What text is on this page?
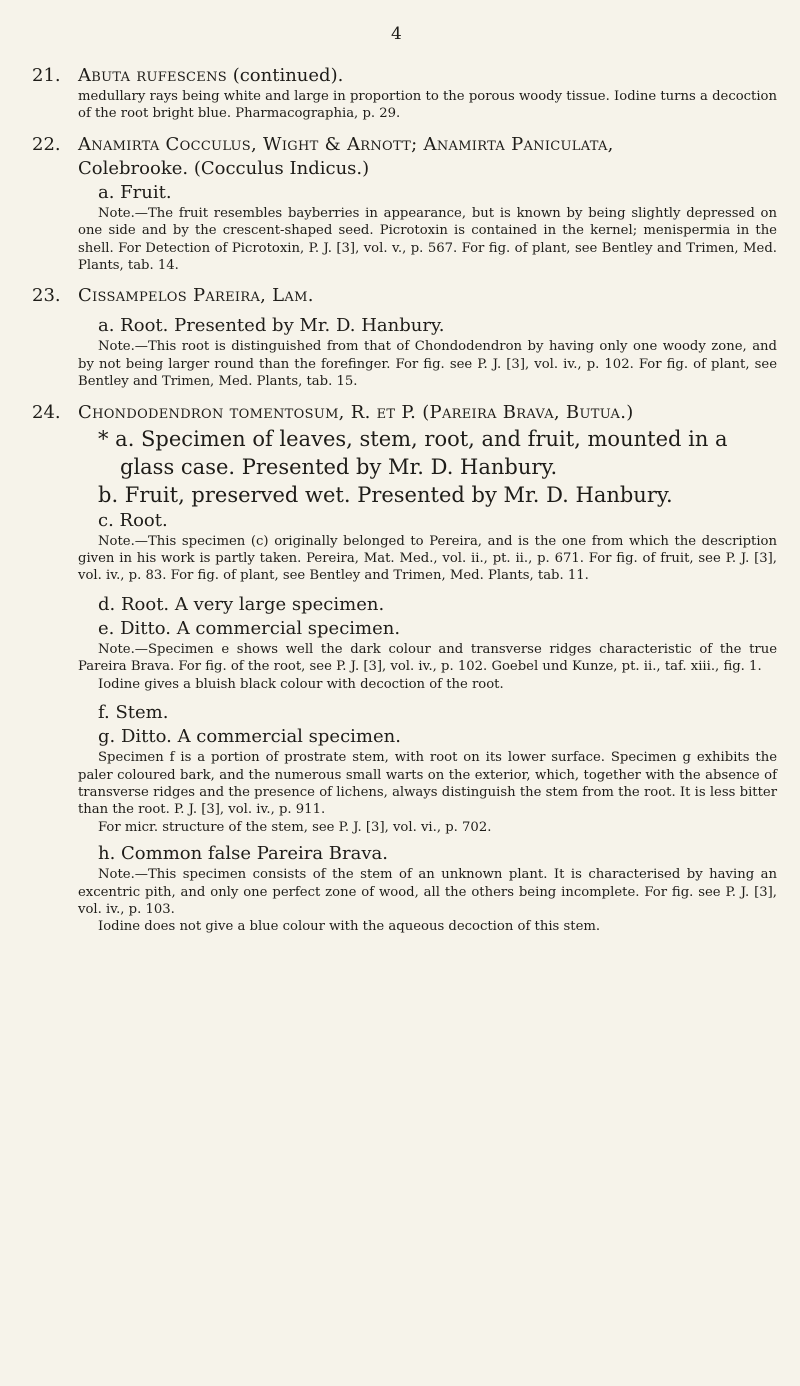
4
21. Abuta rufescens (continued).
medullary rays being white and large in proportion to the porous woody tissue. Iodine turns a decoction of the root bright blue. Pharmacographia, p. 29.
22. Anamirta Cocculus, Wight & Arnott; Anamirta Paniculata,
Colebrooke. (Cocculus Indicus.)
a. Fruit.
Note.—The fruit resembles bayberries in appearance, but is known by being slightly depressed on one side and by the crescent-shaped seed. Picrotoxin is contained in the kernel; menispermia in the shell. For Detection of Picrotoxin, P. J. [3], vol. v., p. 567. For fig. of plant, see Bentley and Trimen, Med. Plants, tab. 14.
23. Cissampelos Pareira, Lam.
a. Root. Presented by Mr. D. Hanbury.
Note.—This root is distinguished from that of Chondodendron by having only one woody zone, and by not being larger round than the forefinger. For fig. see P. J. [3], vol. iv., p. 102. For fig. of plant, see Bentley and Trimen, Med. Plants, tab. 15.
24. Chondodendron tomentosum, R. et P. (Pareira Brava, Butua.)
* a. Specimen of leaves, stem, root, and fruit, mounted in a
glass case. Presented by Mr. D. Hanbury.
b. Fruit, preserved wet. Presented by Mr. D. Hanbury.
c. Root.
Note.—This specimen (c) originally belonged to Pereira, and is the one from which the description given in his work is partly taken. Pereira, Mat. Med., vol. ii., pt. ii., p. 671. For fig. of fruit, see P. J. [3], vol. iv., p. 83. For fig. of plant, see Bentley and Trimen, Med. Plants, tab. 11.
d. Root. A very large specimen.
e. Ditto. A commercial specimen.
Note.—Specimen e shows well the dark colour and transverse ridges characteristic of the true Pareira Brava. For fig. of the root, see P. J. [3], vol. iv., p. 102. Goebel und Kunze, pt. ii., taf. xiii., fig. 1.
Iodine gives a bluish black colour with decoction of the root.
f. Stem.
g. Ditto. A commercial specimen.
Specimen f is a portion of prostrate stem, with root on its lower surface. Specimen g exhibits the paler coloured bark, and the numerous small warts on the exterior, which, together with the absence of transverse ridges and the presence of lichens, always distinguish the stem from the root. It is less bitter than the root. P. J. [3], vol. iv., p. 911.
For micr. structure of the stem, see P. J. [3], vol. vi., p. 702.
h. Common false Pareira Brava.
Note.—This specimen consists of the stem of an unknown plant. It is characterised by having an excentric pith, and only one perfect zone of wood, all the others being incomplete. For fig. see P. J. [3], vol. iv., p. 103.
Iodine does not give a blue colour with the aqueous decoction of this stem.
